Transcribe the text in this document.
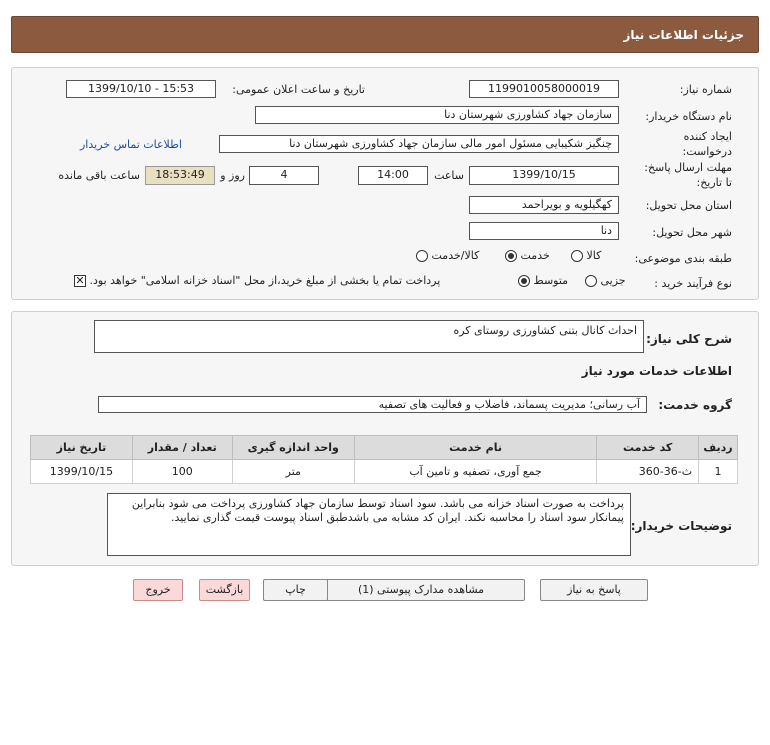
جزئیات اطلاعات نیاز
شماره نیاز:
1199010058000019
تاریخ و ساعت اعلان عمومی:
1399/10/10 - 15:53
نام دستگاه خریدار:
سازمان جهاد کشاورزی شهرستان دنا
ایجاد کننده
درخواست:
چنگیز شکیبایی مسئول امور مالی سازمان جهاد کشاورزی شهرستان دنا
اطلاعات تماس خریدار
مهلت ارسال پاسخ:
تا تاریخ:
1399/10/15
ساعت
14:00
4
روز و
18:53:49
ساعت باقی مانده
استان محل تحویل:
کهگیلویه و بویراحمد
شهر محل تحویل:
دنا
طبقه بندی موضوعی:
کالا
خدمت
کالا/خدمت
نوع فرآیند خرید :
جزیی
متوسط
پرداخت تمام یا بخشی از مبلغ خرید،از محل "اسناد خزانه اسلامی" خواهد بود. ✕
شرح کلی نیاز:
احداث کانال بتنی کشاورزی روستای کره
اطلاعات خدمات مورد نیاز
گروه خدمت:
آب رسانی؛ مدیریت پسماند، فاضلاب و فعالیت های تصفیه
ردیف	کد خدمت	نام خدمت	واحد اندازه گیری	تعداد / مقدار	تاریخ نیاز
1	ث-36-360	جمع آوری، تصفیه و تامین آب	متر	100	1399/10/15
توضیحات خریدار:
پرداخت به صورت اسناد خزانه می باشد. سود اسناد توسط سازمان جهاد کشاورزی پرداخت می شود بنابراین پیمانکار سود اسناد را محاسبه نکند. ایران کد مشابه می باشدطبق اسناد پیوست قیمت گذاری نمایید.
پاسخ به نیاز
مشاهده مدارک پیوستی (1)
چاپ
بازگشت
خروج
